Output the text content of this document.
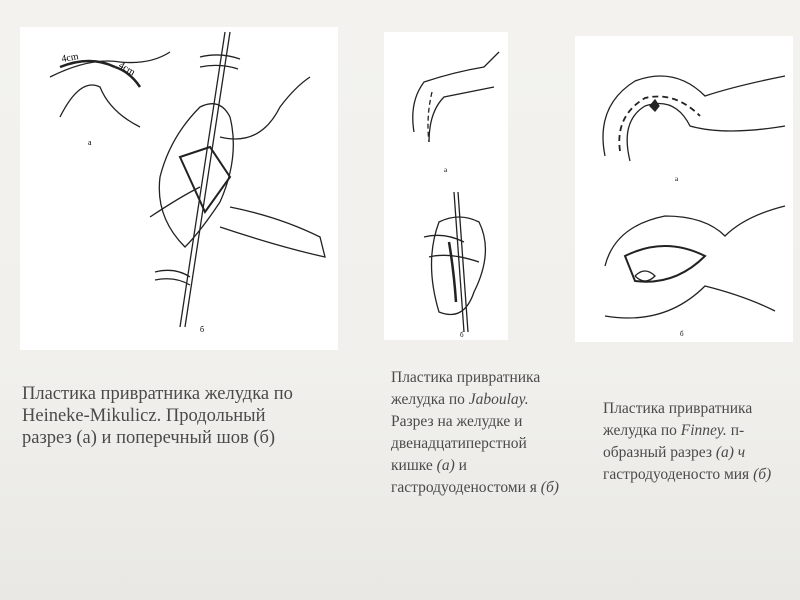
4cm
4cm
a
б
а
б
а
б
Пластика привратника желудка по
Heineke-Mikulicz. Продольный
разрез (а) и поперечный шов (б)
Пластика привратника желудка по Jaboulay. Разрез на желудке и двенадцатиперстной кишке (а) и гастродуоденостоми я (б)
Пластика привратника желудка по Finney. п-образный разрез (а) ч гастродуоденосто мия (б)
